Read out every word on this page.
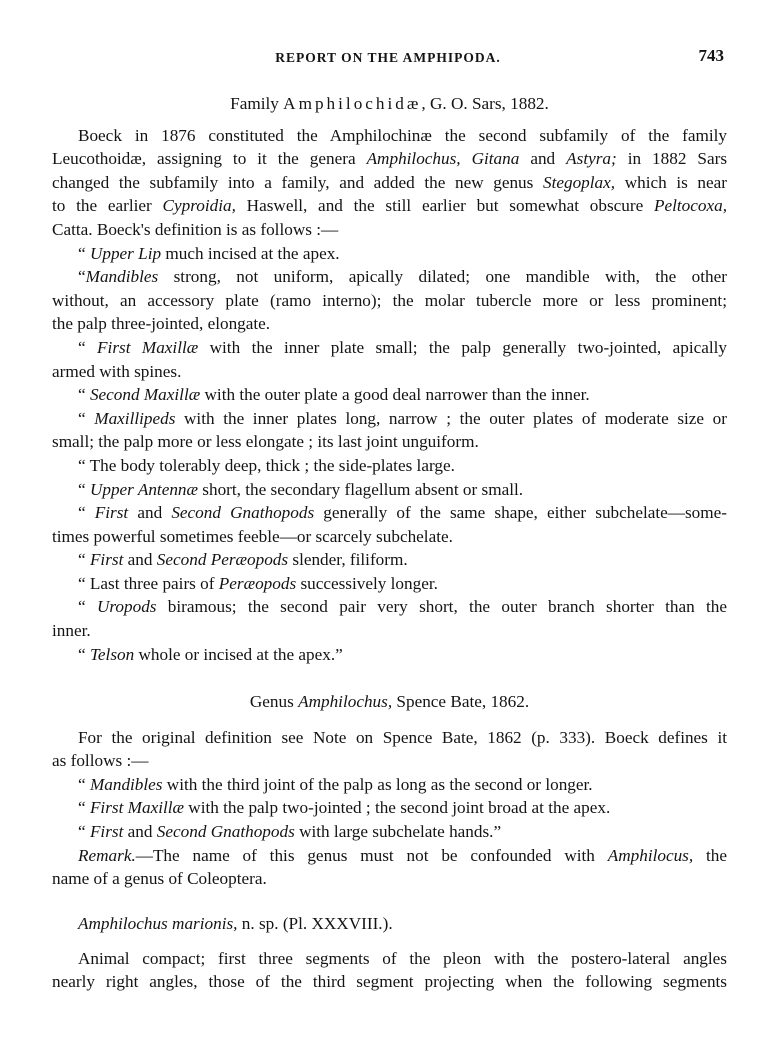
REPORT ON THE AMPHIPODA.	743
Family Amphilochidæ, G. O. Sars, 1882.

Boeck in 1876 constituted the Amphilochinæ the second subfamily of the family

Leucothoidæ, assigning to it the genera Amphilochus, Gitana and Astyra; in 1882 Sars

changed the subfamily into a family, and added the new genus Stegoplax, which is near

to the earlier Cyproidia, Haswell, and the still earlier but somewhat obscure Peltocoxa,

Catta. Boeck's definition is as follows :—

“ Upper Lip much incised at the apex.

“Mandibles strong, not uniform, apically dilated; one mandible with, the other

without, an accessory plate (ramo interno); the molar tubercle more or less prominent;

the palp three-jointed, elongate.

“ First Maxillæ with the inner plate small; the palp generally two-jointed, apically

armed with spines.

“ Second Maxillæ with the outer plate a good deal narrower than the inner.

“ Maxillipeds with the inner plates long, narrow ; the outer plates of moderate size or

small; the palp more or less elongate ; its last joint unguiform.

“ The body tolerably deep, thick ; the side-plates large.

“ Upper Antennæ short, the secondary flagellum absent or small.

“ First and Second Gnathopods generally of the same shape, either subchelate—some-

times powerful sometimes feeble—or scarcely subchelate.

“ First and Second Peræopods slender, filiform.

“ Last three pairs of Peræopods successively longer.

“ Uropods biramous; the second pair very short, the outer branch shorter than the

inner.

“ Telson whole or incised at the apex.”

Genus Amphilochus, Spence Bate, 1862.

For the original definition see Note on Spence Bate, 1862 (p. 333). Boeck defines it

as follows :—

“ Mandibles with the third joint of the palp as long as the second or longer.

“ First Maxillæ with the palp two-jointed ; the second joint broad at the apex.

“ First and Second Gnathopods with large subchelate hands.”

Remark.—The name of this genus must not be confounded with Amphilocus, the

name of a genus of Coleoptera.

Amphilochus marionis, n. sp. (Pl. XXXVIII.).

Animal compact; first three segments of the pleon with the postero-lateral angles

nearly right angles, those of the third segment projecting when the following segments
